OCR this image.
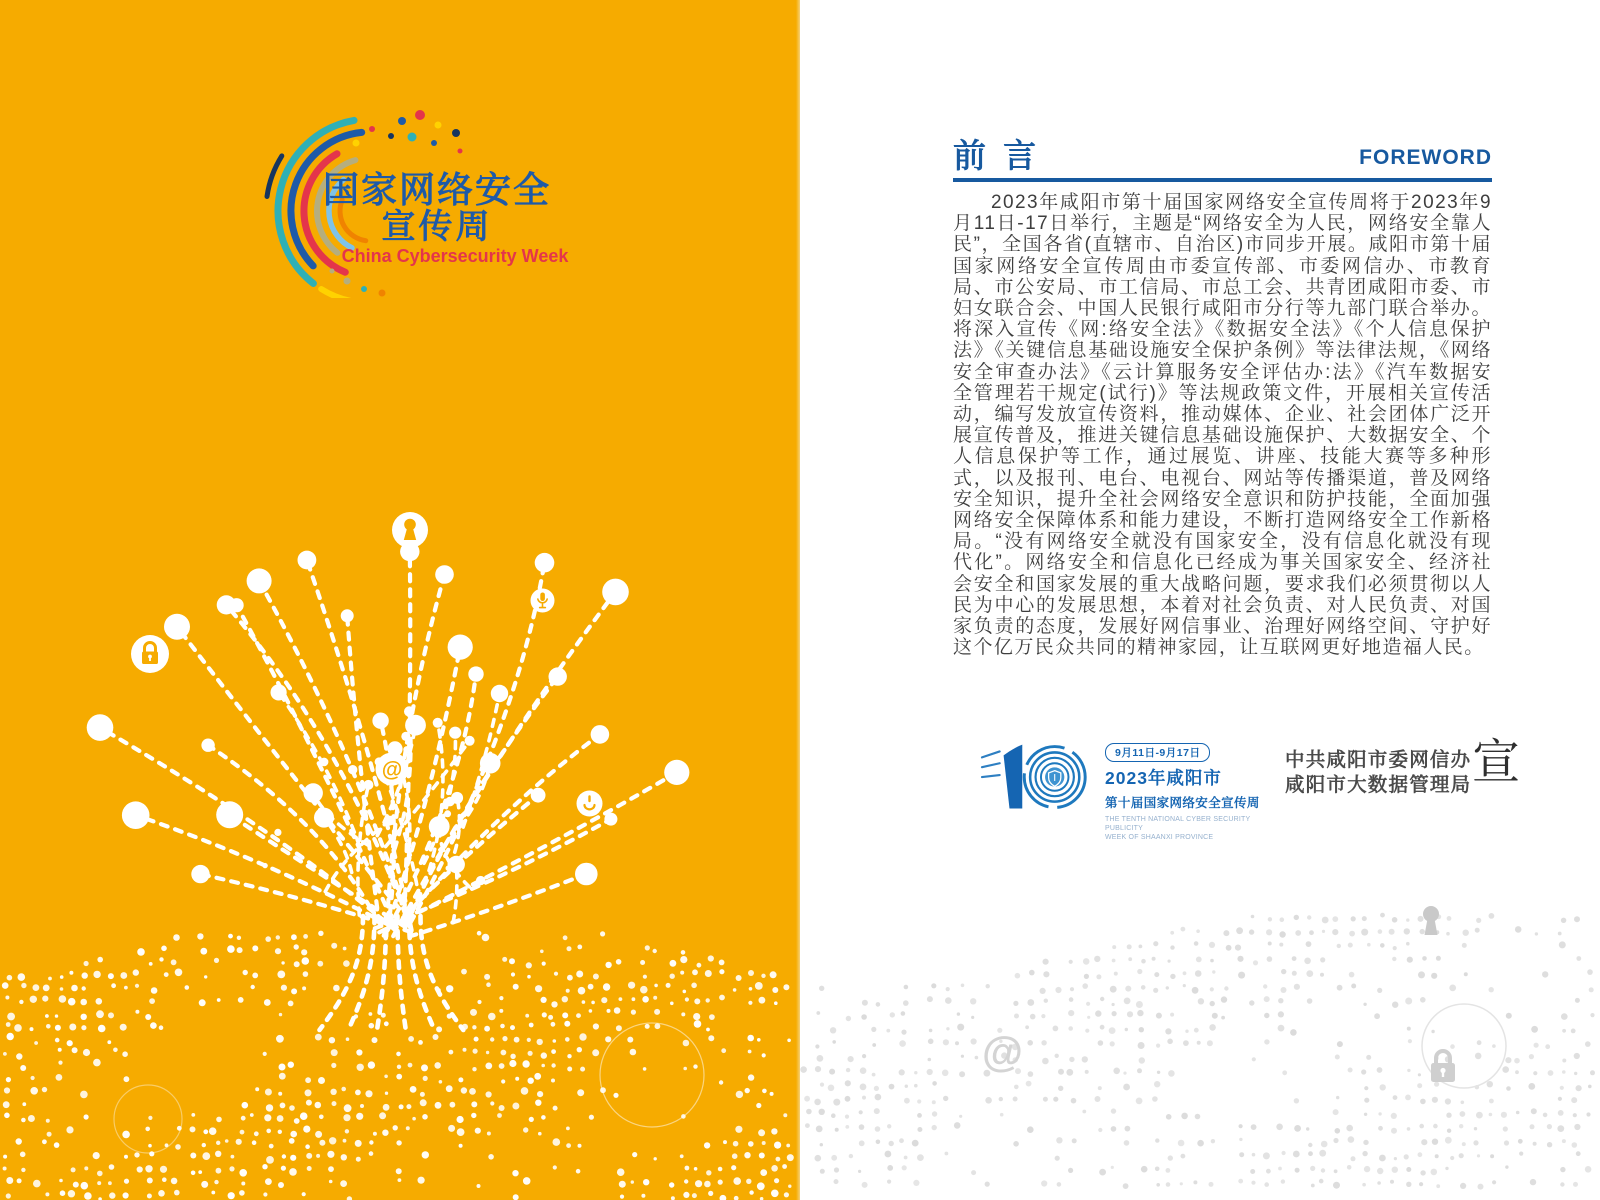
国家网络安全
宣传周
China Cybersecurity Week
@
@
前 言	FOREWORD

2023年咸阳市第十届国家网络安全宣传周将于2023年9月11日-17日举行，主题是“网络安全为人民，网络安全靠人民”，全国各省(直辖市、自治区)市同步开展。咸阳市第十届国家网络安全宣传周由市委宣传部、市委网信办、市教育局、市公安局、市工信局、市总工会、共青团咸阳市委、市妇女联合会、中国人民银行咸阳市分行等九部门联合举办。将深入宣传《网:络安全法》《数据安全法》《个人信息保护法》《关键信息基础设施安全保护条例》等法律法规，《网络安全审查办法》《云计算服务安全评估办:法》《汽车数据安全管理若干规定(试行)》等法规政策文件，开展相关宣传活动，编写发放宣传资料，推动媒体、企业、社会团体广泛开展宣传普及，推进关键信息基础设施保护、大数据安全、个人信息保护等工作，通过展览、讲座、技能大赛等多种形式，以及报刊、电台、电视台、网站等传播渠道，普及网络安全知识，提升全社会网络安全意识和防护技能，全面加强网络安全保障体系和能力建设，不断打造网络安全工作新格局。“没有网络安全就没有国家安全，没有信息化就没有现代化”。网络安全和信息化已经成为事关国家安全、经济社会安全和国家发展的重大战略问题，要求我们必须贯彻以人民为中心的发展思想，本着对社会负责、对人民负责、对国家负责的态度，发展好网信事业、治理好网络空间、守护好这个亿万民众共同的精神家园，让互联网更好地造福人民。

9月11日-9月17日
2023年咸阳市
第十届国家网络安全宣传周
THE TENTH NATIONAL CYBER SECURITY PUBLICITY
WEEK OF SHAANXI PROVINCE
中共咸阳市委网信办
咸阳市大数据管理局 宣
